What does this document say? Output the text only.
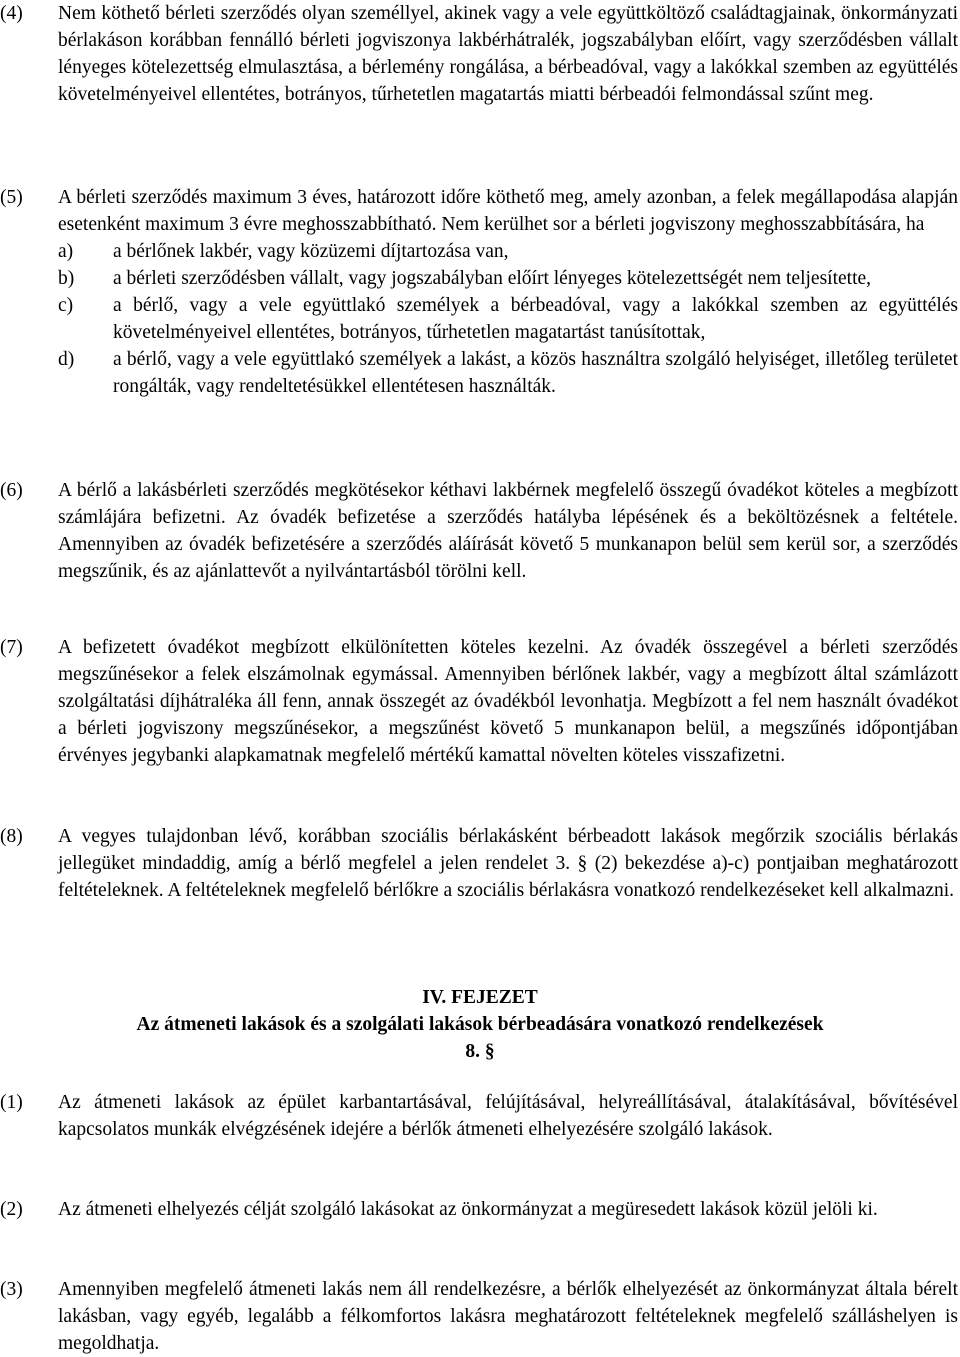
(4) Nem köthető bérleti szerződés olyan személlyel, akinek vagy a vele együttköltöző családtagjainak, önkormányzati bérlakáson korábban fennálló bérleti jogviszonya lakbérhátralék, jogszabályban előírt, vagy szerződésben vállalt lényeges kötelezettség elmulasztása, a bérlemény rongálása, a bérbeadóval, vagy a lakókkal szemben az együttélés követelményeivel ellentétes, botrányos, tűrhetetlen magatartás miatti bérbeadói felmondással szűnt meg.
(5) A bérleti szerződés maximum 3 éves, határozott időre köthető meg, amely azonban, a felek megállapodása alapján esetenként maximum 3 évre meghosszabbítható. Nem kerülhet sor a bérleti jogviszony meghosszabbítására, ha
a)	a bérlőnek lakbér, vagy közüzemi díjtartozása van,
b)	a bérleti szerződésben vállalt, vagy jogszabályban előírt lényeges kötelezettségét nem teljesítette,
c)	a bérlő, vagy a vele együttlakó személyek a bérbeadóval, vagy a lakókkal szemben az együttélés követelményeivel ellentétes, botrányos, tűrhetetlen magatartást tanúsítottak,
d)	a bérlő, vagy a vele együttlakó személyek a lakást, a közös használtra szolgáló helyiséget, illetőleg területet rongálták, vagy rendeltetésükkel ellentétesen használták.
(6) A bérlő a lakásbérleti szerződés megkötésekor kéthavi lakbérnek megfelelő összegű óvadékot köteles a megbízott számlájára befizetni. Az óvadék befizetése a szerződés hatályba lépésének és a beköltözésnek a feltétele. Amennyiben az óvadék befizetésére a szerződés aláírását követő 5 munkanapon belül sem kerül sor, a szerződés megszűnik, és az ajánlattevőt a nyilvántartásból törölni kell.
(7) A befizetett óvadékot megbízott elkülönítetten köteles kezelni. Az óvadék összegével a bérleti szerződés megszűnésekor a felek elszámolnak egymással. Amennyiben bérlőnek lakbér, vagy a megbízott által számlázott szolgáltatási díjhátraléka áll fenn, annak összegét az óvadékból levonhatja. Megbízott a fel nem használt óvadékot a bérleti jogviszony megszűnésekor, a megszűnést követő 5 munkanapon belül, a megszűnés időpontjában érvényes jegybanki alapkamatnak megfelelő mértékű kamattal növelten köteles visszafizetni.
(8) A vegyes tulajdonban lévő, korábban szociális bérlakásként bérbeadott lakások megőrzik szociális bérlakás jellegüket mindaddig, amíg a bérlő megfelel a jelen rendelet 3. § (2) bekezdése a)-c) pontjaiban meghatározott feltételeknek. A feltételeknek megfelelő bérlőkre a szociális bérlakásra vonatkozó rendelkezéseket kell alkalmazni.
IV. FEJEZET
Az átmeneti lakások és a szolgálati lakások bérbeadására vonatkozó rendelkezések
8. §
(1) Az átmeneti lakások az épület karbantartásával, felújításával, helyreállításával, átalakításával, bővítésével kapcsolatos munkák elvégzésének idejére a bérlők átmeneti elhelyezésére szolgáló lakások.
(2) Az átmeneti elhelyezés célját szolgáló lakásokat az önkormányzat a megüresedett lakások közül jelöli ki.
(3) Amennyiben megfelelő átmeneti lakás nem áll rendelkezésre, a bérlők elhelyezését az önkormányzat általa bérelt lakásban, vagy egyéb, legalább a félkomfortos lakásra meghatározott feltételeknek megfelelő szálláshelyen is megoldhatja.
